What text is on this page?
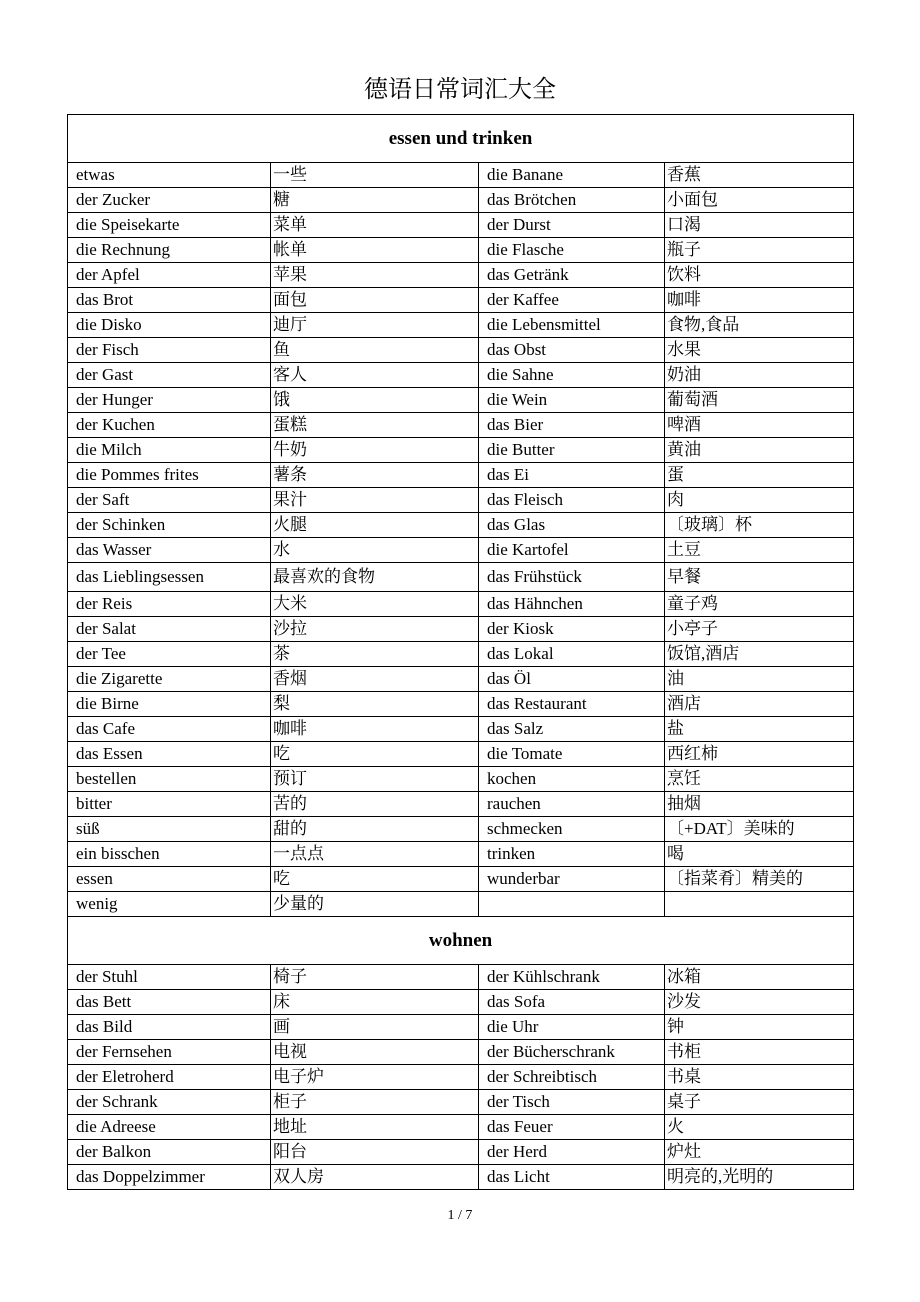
德语日常词汇大全
essen und trinken			
etwas	一些	die Banane	香蕉
der Zucker	糖	das Brötchen	小面包
die Speisekarte	菜单	der Durst	口渴
die Rechnung	帐单	die Flasche	瓶子
der Apfel	苹果	das Getränk	饮料
das Brot	面包	der Kaffee	咖啡
die Disko	迪厅	die Lebensmittel	食物,食品
der Fisch	鱼	das Obst	水果
der Gast	客人	die Sahne	奶油
der Hunger	饿	die Wein	葡萄酒
der Kuchen	蛋糕	das Bier	啤酒
die Milch	牛奶	die Butter	黄油
die Pommes frites	薯条	das Ei	蛋
der Saft	果汁	das Fleisch	肉
der Schinken	火腿	das Glas	〔玻璃〕杯
das Wasser	水	die Kartofel	土豆
das Lieblingsessen	最喜欢的食物	das Frühstück	早餐
der Reis	大米	das Hähnchen	童子鸡
der Salat	沙拉	der Kiosk	小亭子
der Tee	茶	das Lokal	饭馆,酒店
die Zigarette	香烟	das Öl	油
die Birne	梨	das Restaurant	酒店
das Cafe	咖啡	das Salz	盐
das Essen	吃	die Tomate	西红柿
bestellen	预订	kochen	烹饪
bitter	苦的	rauchen	抽烟
süß	甜的	schmecken	〔+DAT〕美味的
ein bisschen	一点点	trinken	喝
essen	吃	wunderbar	〔指菜肴〕精美的
wenig	少量的		
wohnen			
der Stuhl	椅子	der Kühlschrank	冰箱
das Bett	床	das Sofa	沙发
das Bild	画	die Uhr	钟
der Fernsehen	电视	der Bücherschrank	书柜
der Eletroherd	电子炉	der Schreibtisch	书桌
der Schrank	柜子	der Tisch	桌子
die Adreese	地址	das Feuer	火
der Balkon	阳台	der Herd	炉灶
das Doppelzimmer	双人房	das Licht	明亮的,光明的
1 / 7
